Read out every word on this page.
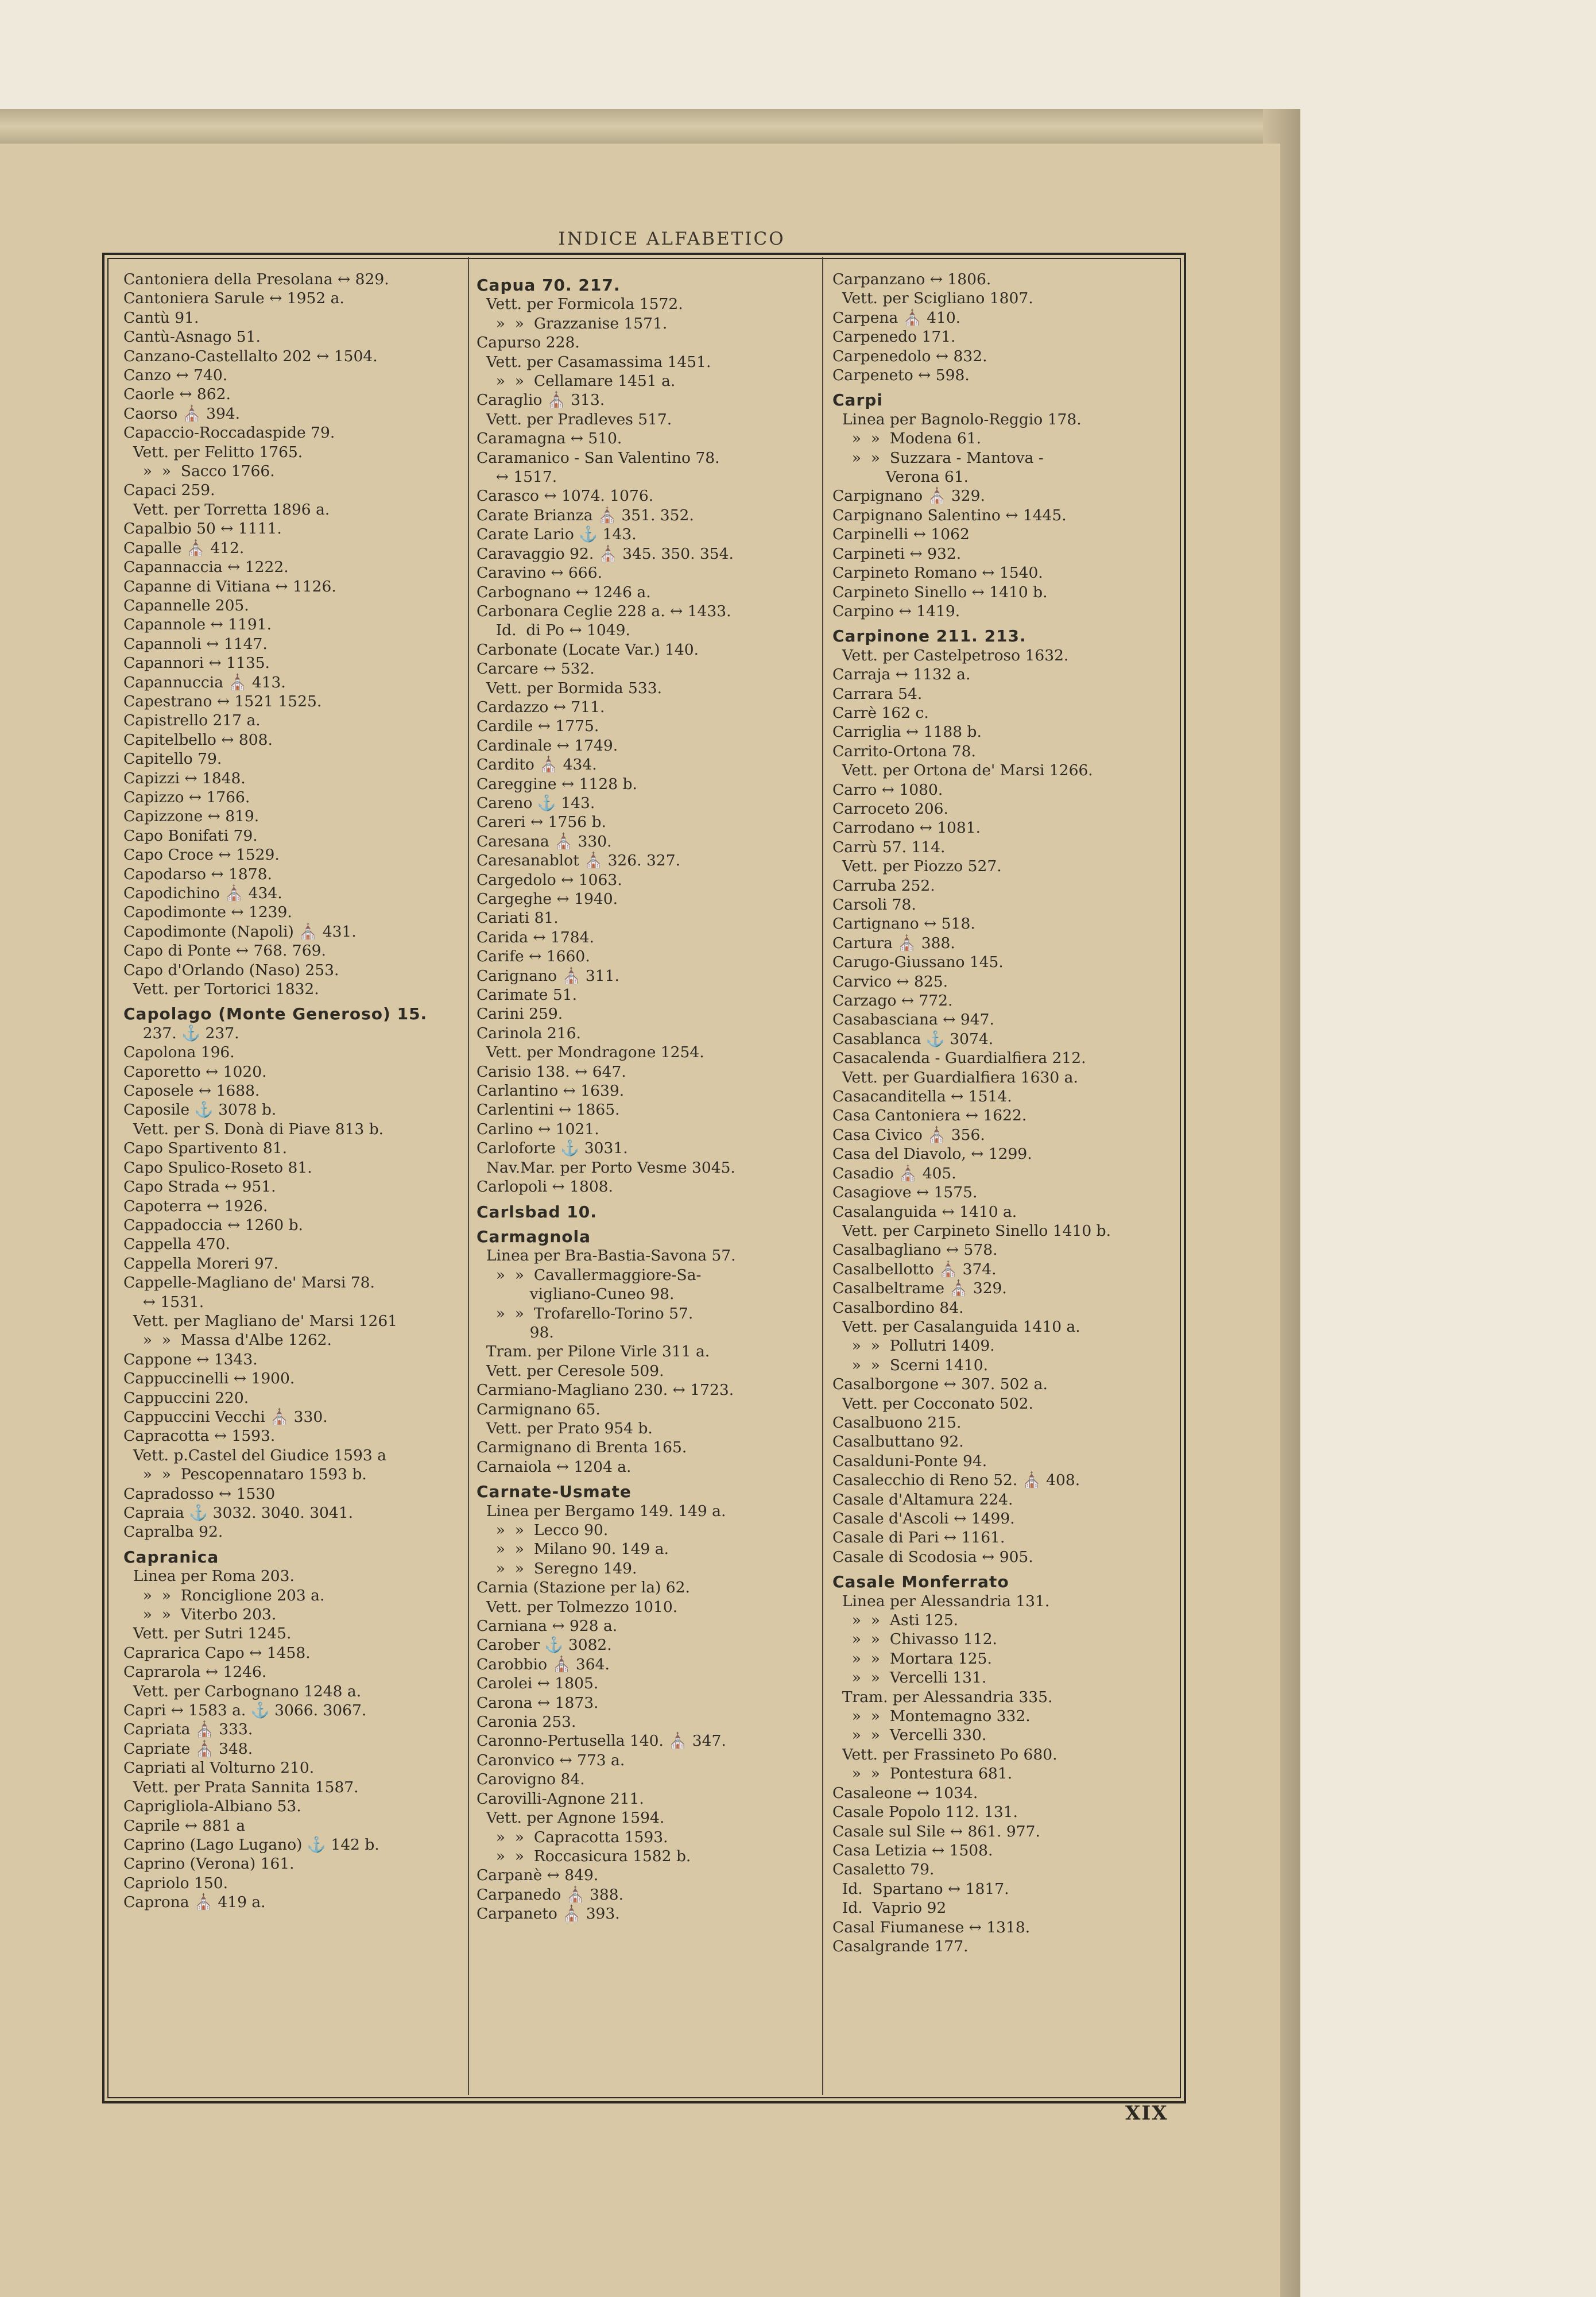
INDICE ALFABETICO
Cantoniera della Presolana ↔ 829.
Cantoniera Sarule ↔ 1952 a.
Cantù 91.
Cantù-Asnago 51.
Canzano-Castellalto 202 ↔ 1504.
Canzo ↔ 740.
Caorle ↔ 862.
Caorso ⛪ 394.
Capaccio-Roccadaspide 79.
Vett. per Felitto 1765.
»  »  Sacco 1766.
Capaci 259.
Vett. per Torretta 1896 a.
Capalbio 50 ↔ 1111.
Capalle ⛪ 412.
Capannaccia ↔ 1222.
Capanne di Vitiana ↔ 1126.
Capannelle 205.
Capannole ↔ 1191.
Capannoli ↔ 1147.
Capannori ↔ 1135.
Capannuccia ⛪ 413.
Capestrano ↔ 1521 1525.
Capistrello 217 a.
Capitelbello ↔ 808.
Capitello 79.
Capizzi ↔ 1848.
Capizzo ↔ 1766.
Capizzone ↔ 819.
Capo Bonifati 79.
Capo Croce ↔ 1529.
Capodarso ↔ 1878.
Capodichino ⛪ 434.
Capodimonte ↔ 1239.
Capodimonte (Napoli) ⛪ 431.
Capo di Ponte ↔ 768. 769.
Capo d'Orlando (Naso) 253.
Vett. per Tortorici 1832.
Capolago (Monte Generoso) 15.
237. ⚓ 237.
Capolona 196.
Caporetto ↔ 1020.
Caposele ↔ 1688.
Caposile ⚓ 3078 b.
Vett. per S. Donà di Piave 813 b.
Capo Spartivento 81.
Capo Spulico-Roseto 81.
Capo Strada ↔ 951.
Capoterra ↔ 1926.
Cappadoccia ↔ 1260 b.
Cappella 470.
Cappella Moreri 97.
Cappelle-Magliano de' Marsi 78.
↔ 1531.
Vett. per Magliano de' Marsi 1261
»  »  Massa d'Albe 1262.
Cappone ↔ 1343.
Cappuccinelli ↔ 1900.
Cappuccini 220.
Cappuccini Vecchi ⛪ 330.
Capracotta ↔ 1593.
Vett. p.Castel del Giudice 1593 a
»  »  Pescopennataro 1593 b.
Capradosso ↔ 1530
Capraia ⚓ 3032. 3040. 3041.
Capralba 92.
Capranica
Linea per Roma 203.
»  »  Ronciglione 203 a.
»  »  Viterbo 203.
Vett. per Sutri 1245.
Caprarica Capo ↔ 1458.
Caprarola ↔ 1246.
Vett. per Carbognano 1248 a.
Capri ↔ 1583 a. ⚓ 3066. 3067.
Capriata ⛪ 333.
Capriate ⛪ 348.
Capriati al Volturno 210.
Vett. per Prata Sannita 1587.
Caprigliola-Albiano 53.
Caprile ↔ 881 a
Caprino (Lago Lugano) ⚓ 142 b.
Caprino (Verona) 161.
Capriolo 150.
Caprona ⛪ 419 a.
Capua 70. 217.
Vett. per Formicola 1572.
»  »  Grazzanise 1571.
Capurso 228.
Vett. per Casamassima 1451.
»  »  Cellamare 1451 a.
Caraglio ⛪ 313.
Vett. per Pradleves 517.
Caramagna ↔ 510.
Caramanico - San Valentino 78.
↔ 1517.
Carasco ↔ 1074. 1076.
Carate Brianza ⛪ 351. 352.
Carate Lario ⚓ 143.
Caravaggio 92. ⛪ 345. 350. 354.
Caravino ↔ 666.
Carbognano ↔ 1246 a.
Carbonara Ceglie 228 a. ↔ 1433.
Id.  di Po ↔ 1049.
Carbonate (Locate Var.) 140.
Carcare ↔ 532.
Vett. per Bormida 533.
Cardazzo ↔ 711.
Cardile ↔ 1775.
Cardinale ↔ 1749.
Cardito ⛪ 434.
Careggine ↔ 1128 b.
Careno ⚓ 143.
Careri ↔ 1756 b.
Caresana ⛪ 330.
Caresanablot ⛪ 326. 327.
Cargedolo ↔ 1063.
Cargeghe ↔ 1940.
Cariati 81.
Carida ↔ 1784.
Carife ↔ 1660.
Carignano ⛪ 311.
Carimate 51.
Carini 259.
Carinola 216.
Vett. per Mondragone 1254.
Carisio 138. ↔ 647.
Carlantino ↔ 1639.
Carlentini ↔ 1865.
Carlino ↔ 1021.
Carloforte ⚓ 3031.
Nav.Mar. per Porto Vesme 3045.
Carlopoli ↔ 1808.
Carlsbad 10.
Carmagnola
Linea per Bra-Bastia-Savona 57.
»  »  Cavallermaggiore-Sa-
vigliano-Cuneo 98.
»  »  Trofarello-Torino 57.
98.
Tram. per Pilone Virle 311 a.
Vett. per Ceresole 509.
Carmiano-Magliano 230. ↔ 1723.
Carmignano 65.
Vett. per Prato 954 b.
Carmignano di Brenta 165.
Carnaiola ↔ 1204 a.
Carnate-Usmate
Linea per Bergamo 149. 149 a.
»  »  Lecco 90.
»  »  Milano 90. 149 a.
»  »  Seregno 149.
Carnia (Stazione per la) 62.
Vett. per Tolmezzo 1010.
Carniana ↔ 928 a.
Carober ⚓ 3082.
Carobbio ⛪ 364.
Carolei ↔ 1805.
Carona ↔ 1873.
Caronia 253.
Caronno-Pertusella 140. ⛪ 347.
Caronvico ↔ 773 a.
Carovigno 84.
Carovilli-Agnone 211.
Vett. per Agnone 1594.
»  »  Capracotta 1593.
»  »  Roccasicura 1582 b.
Carpanè ↔ 849.
Carpanedo ⛪ 388.
Carpaneto ⛪ 393.
Carpanzano ↔ 1806.
Vett. per Scigliano 1807.
Carpena ⛪ 410.
Carpenedo 171.
Carpenedolo ↔ 832.
Carpeneto ↔ 598.
Carpi
Linea per Bagnolo-Reggio 178.
»  »  Modena 61.
»  »  Suzzara - Mantova -
Verona 61.
Carpignano ⛪ 329.
Carpignano Salentino ↔ 1445.
Carpinelli ↔ 1062
Carpineti ↔ 932.
Carpineto Romano ↔ 1540.
Carpineto Sinello ↔ 1410 b.
Carpino ↔ 1419.
Carpinone 211. 213.
Vett. per Castelpetroso 1632.
Carraja ↔ 1132 a.
Carrara 54.
Carrè 162 c.
Carriglia ↔ 1188 b.
Carrito-Ortona 78.
Vett. per Ortona de' Marsi 1266.
Carro ↔ 1080.
Carroceto 206.
Carrodano ↔ 1081.
Carrù 57. 114.
Vett. per Piozzo 527.
Carruba 252.
Carsoli 78.
Cartignano ↔ 518.
Cartura ⛪ 388.
Carugo-Giussano 145.
Carvico ↔ 825.
Carzago ↔ 772.
Casabasciana ↔ 947.
Casablanca ⚓ 3074.
Casacalenda - Guardialfiera 212.
Vett. per Guardialfiera 1630 a.
Casacanditella ↔ 1514.
Casa Cantoniera ↔ 1622.
Casa Civico ⛪ 356.
Casa del Diavolo, ↔ 1299.
Casadio ⛪ 405.
Casagiove ↔ 1575.
Casalanguida ↔ 1410 a.
Vett. per Carpineto Sinello 1410 b.
Casalbagliano ↔ 578.
Casalbellotto ⛪ 374.
Casalbeltrame ⛪ 329.
Casalbordino 84.
Vett. per Casalanguida 1410 a.
»  »  Pollutri 1409.
»  »  Scerni 1410.
Casalborgone ↔ 307. 502 a.
Vett. per Cocconato 502.
Casalbuono 215.
Casalbuttano 92.
Casalduni-Ponte 94.
Casalecchio di Reno 52. ⛪ 408.
Casale d'Altamura 224.
Casale d'Ascoli ↔ 1499.
Casale di Pari ↔ 1161.
Casale di Scodosia ↔ 905.
Casale Monferrato
Linea per Alessandria 131.
»  »  Asti 125.
»  »  Chivasso 112.
»  »  Mortara 125.
»  »  Vercelli 131.
Tram. per Alessandria 335.
»  »  Montemagno 332.
»  »  Vercelli 330.
Vett. per Frassineto Po 680.
»  »  Pontestura 681.
Casaleone ↔ 1034.
Casale Popolo 112. 131.
Casale sul Sile ↔ 861. 977.
Casa Letizia ↔ 1508.
Casaletto 79.
Id.  Spartano ↔ 1817.
Id.  Vaprio 92
Casal Fiumanese ↔ 1318.
Casalgrande 177.
XIX
